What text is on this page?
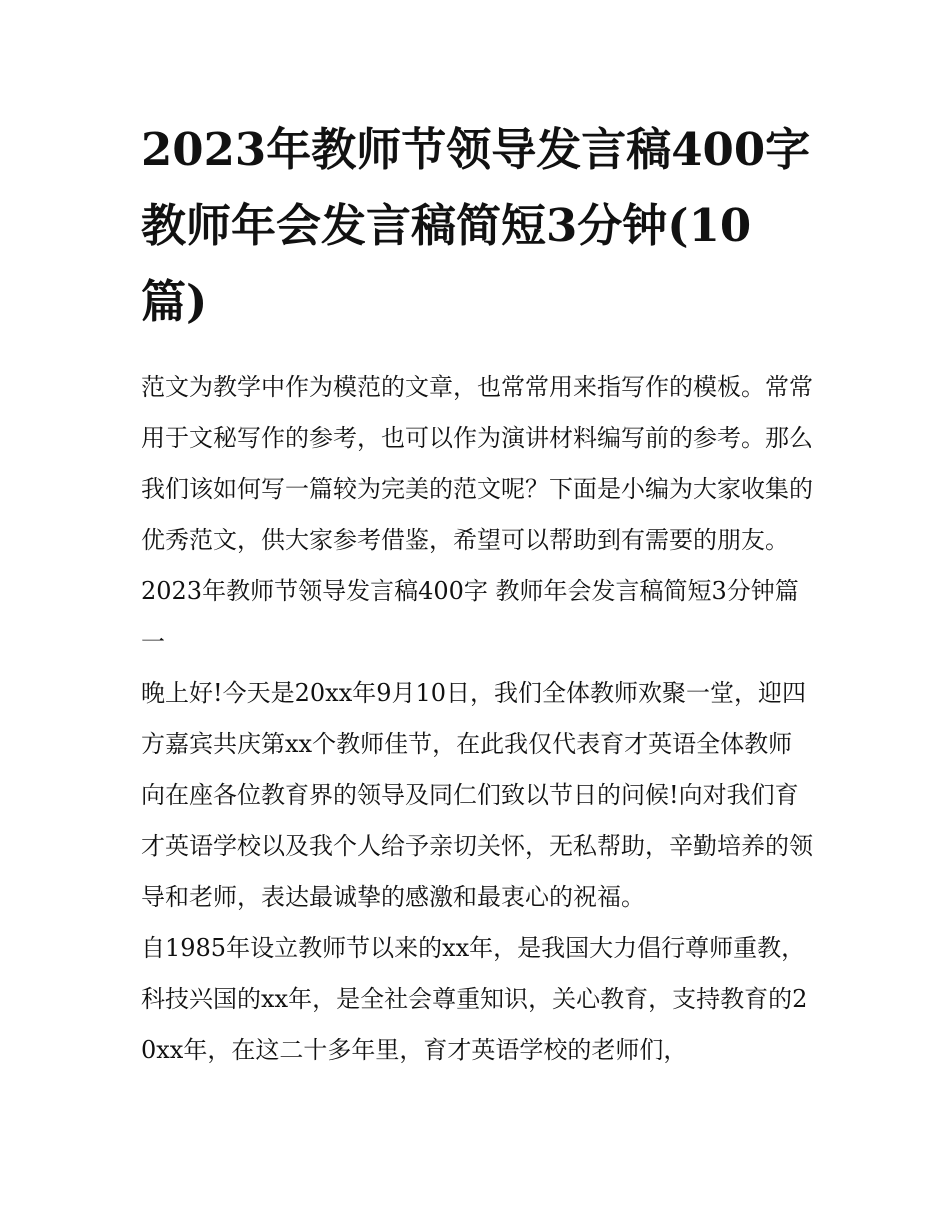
2023年教师节领导发言稿400字 教师年会发言稿简短3分钟(10篇)

范文为教学中作为模范的文章，也常常用来指写作的模板。常常用于文秘写作的参考，也可以作为演讲材料编写前的参考。那么我们该如何写一篇较为完美的范文呢？下面是小编为大家收集的优秀范文，供大家参考借鉴，希望可以帮助到有需要的朋友。

2023年教师节领导发言稿400字 教师年会发言稿简短3分钟篇一

晚上好!今天是20xx年9月10日，我们全体教师欢聚一堂，迎四方嘉宾共庆第xx个教师佳节，在此我仅代表育才英语全体教师向在座各位教育界的领导及同仁们致以节日的问候!向对我们育才英语学校以及我个人给予亲切关怀，无私帮助，辛勤培养的领导和老师，表达最诚挚的感激和最衷心的祝福。

自1985年设立教师节以来的xx年，是我国大力倡行尊师重教，科技兴国的xx年，是全社会尊重知识，关心教育，支持教育的20xx年，在这二十多年里，育才英语学校的老师们，
